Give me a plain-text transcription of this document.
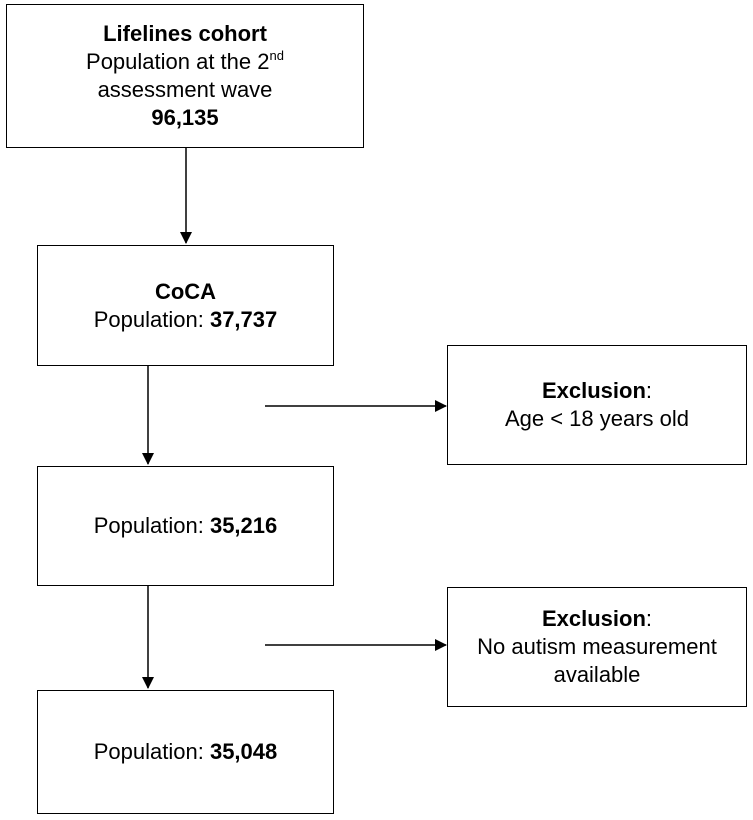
Lifelines cohort
Population at the 2nd
assessment wave
96,135
CoCA
Population: 37,737
Exclusion:
Age < 18 years old
Population: 35,216
Exclusion:
No autism measurement
available
Population: 35,048
